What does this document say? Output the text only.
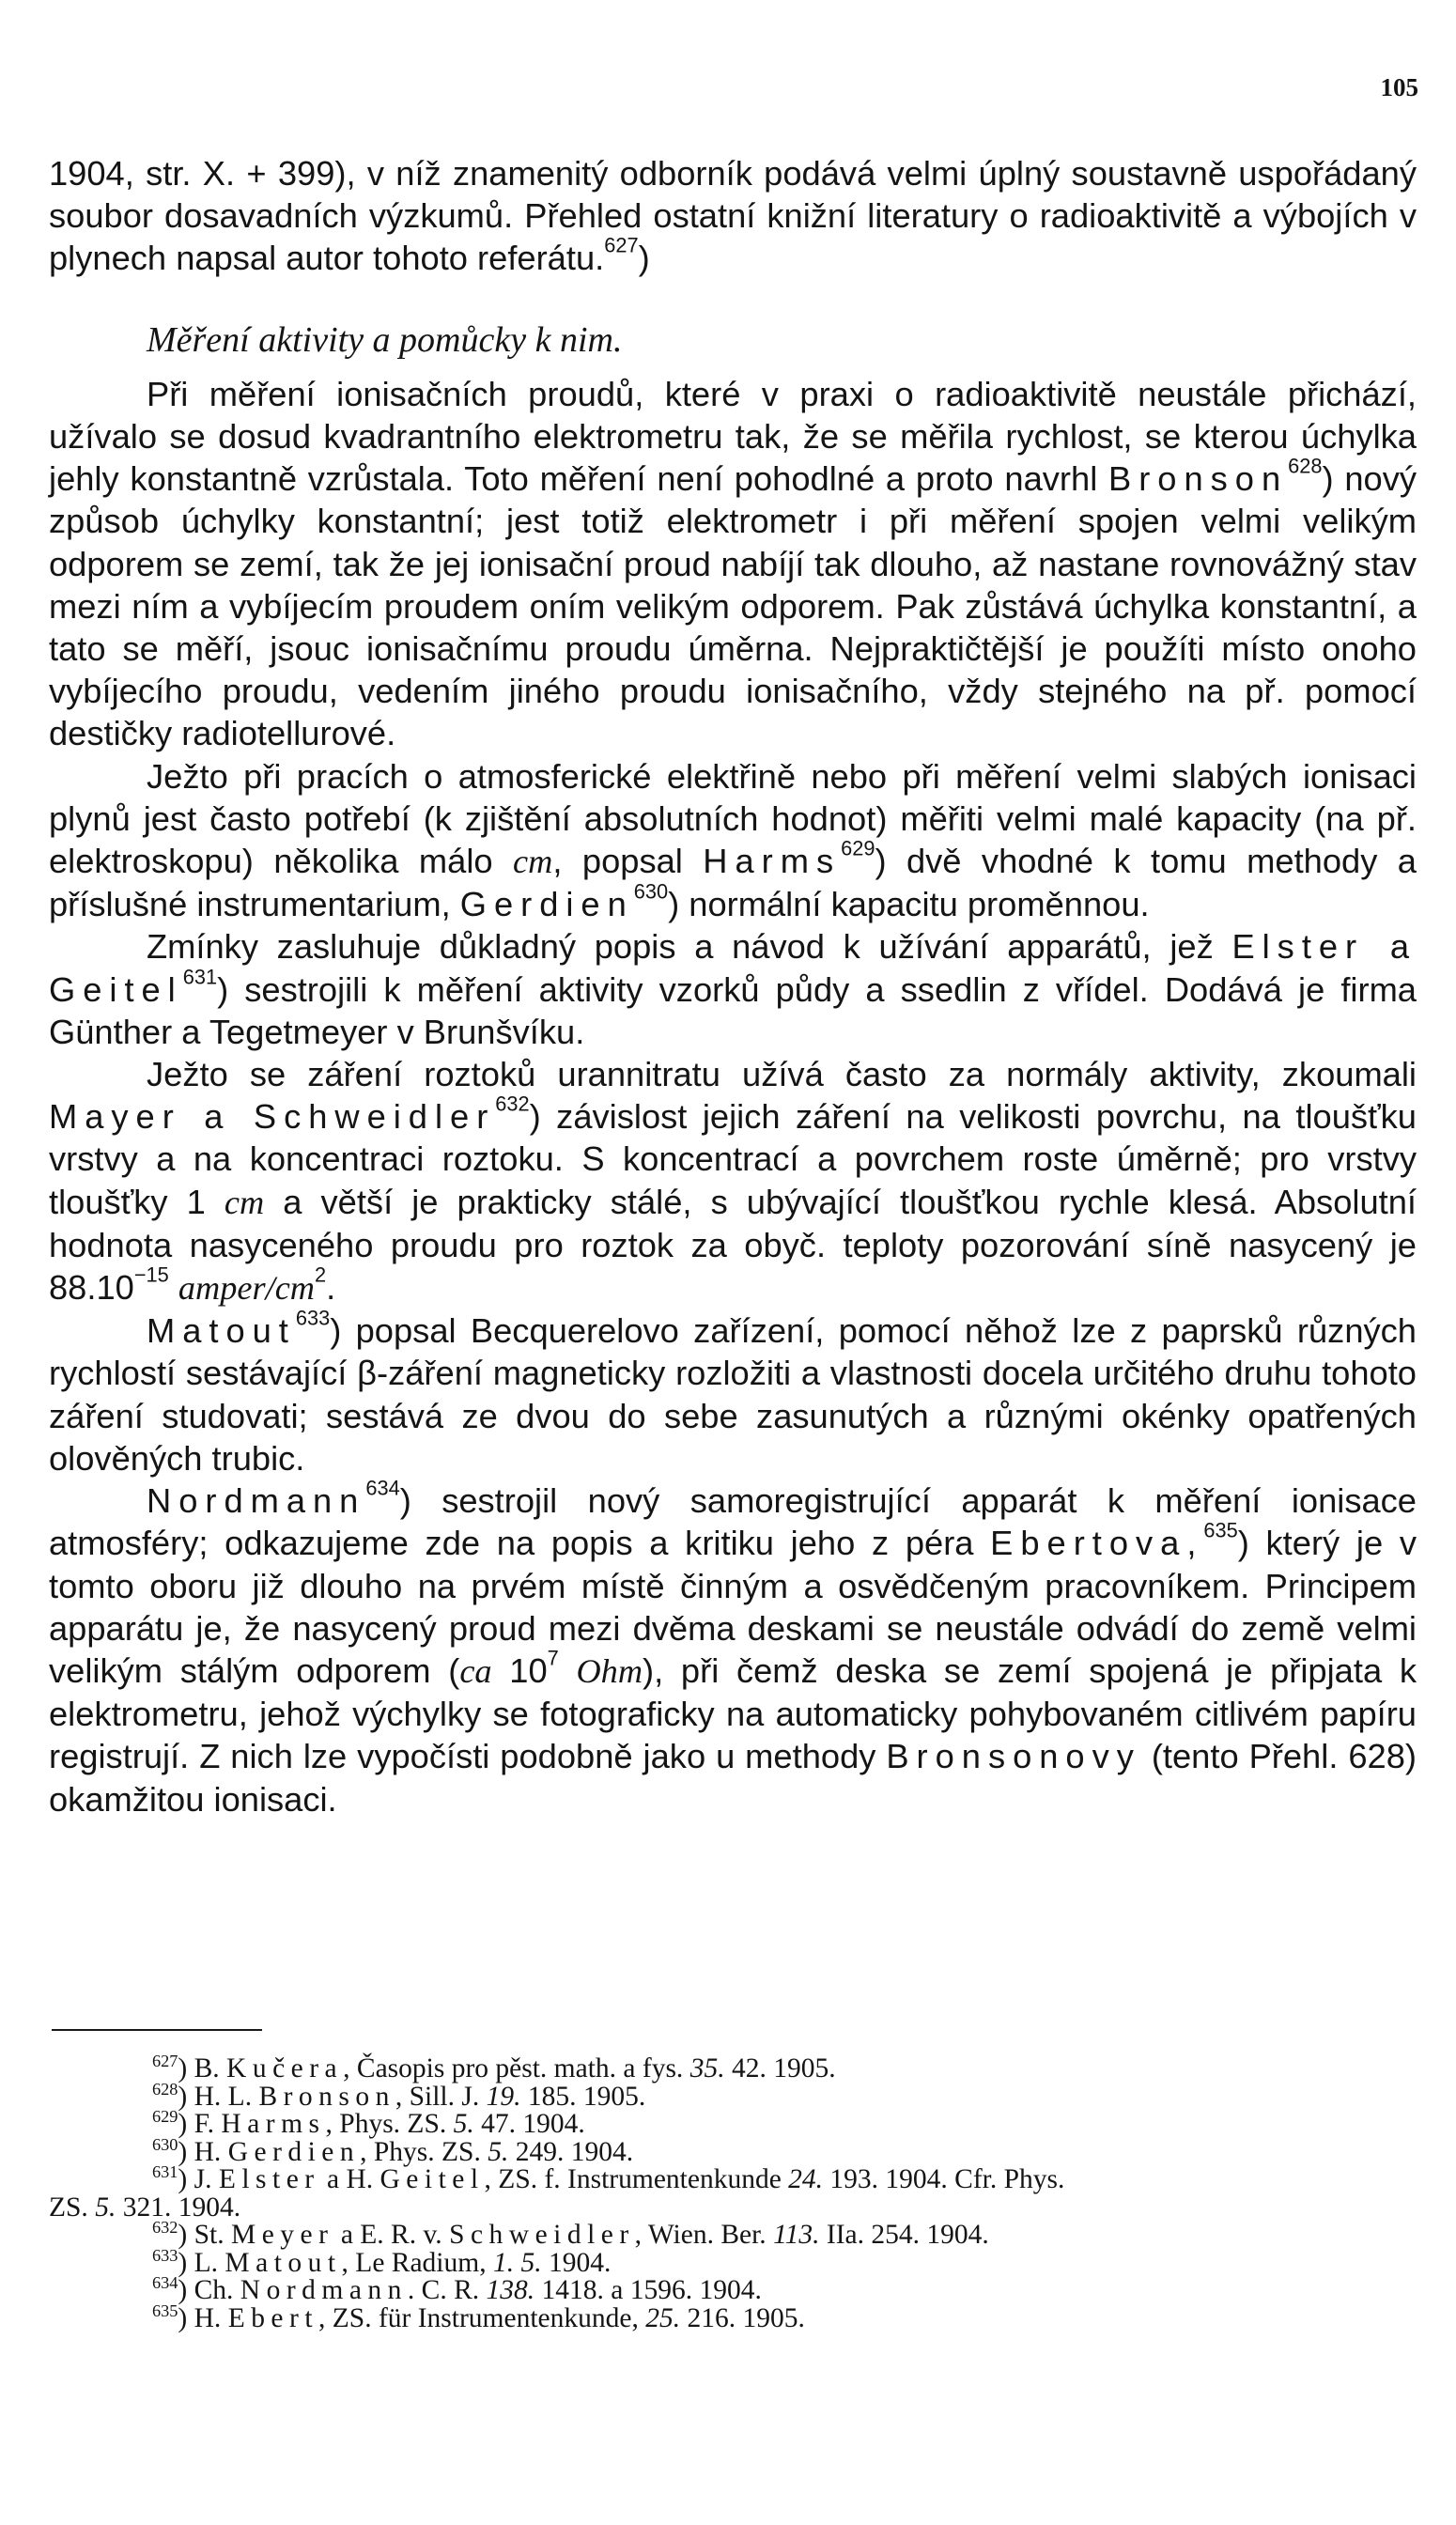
105

1904, str. X. + 399), v níž znamenitý odborník podává velmi úplný soustavně uspořádaný soubor dosavadních výzkumů. Přehled ostatní knižní literatury o radioaktivitě a výbojích v plynech napsal autor tohoto referátu.$^{627}$)

Měření aktivity a pomůcky k nim.

Při měření ionisačních proudů, které v praxi o radioaktivitě neustále přichází, užívalo se dosud kvadrantního elektrometru tak, že se měřila rychlost, se kterou úchylka jehly konstantně vzrůstala. Toto měření není pohodlné a proto navrhl Bronson$^{628}$) nový způsob úchylky konstantní; jest totiž elektrometr i při měření spojen velmi velikým odporem se zemí, tak že jej ionisační proud nabíjí tak dlouho, až nastane rovnovážný stav mezi ním a vybíjecím proudem oním velikým odporem. Pak zůstává úchylka konstantní, a tato se měří, jsouc ionisačnímu proudu úměrna. Nejpraktičtější je použíti místo onoho vybíjecího proudu, vedením jiného proudu ionisačního, vždy stejného na př. pomocí destičky radiotellurové.

Ježto při pracích o atmosferické elektřině nebo při měření velmi slabých ionisaci plynů jest často potřebí (k zjištění absolutních hodnot) měřiti velmi malé kapacity (na př. elektroskopu) několika málo cm, popsal Harms$^{629}$) dvě vhodné k tomu methody a příslušné instrumentarium, Gerdien$^{630}$) normální kapacitu proměnnou.

Zmínky zasluhuje důkladný popis a návod k užívání apparátů, jež Elster a Geitel$^{631}$) sestrojili k měření aktivity vzorků půdy a ssedlin z vřídel. Dodává je firma Günther a Tegetmeyer v Brunšvíku.

Ježto se záření roztoků urannitratu užívá často za normály aktivity, zkoumali Mayer a Schweidler$^{632}$) závislost jejich záření na velikosti povrchu, na tloušťku vrstvy a na koncentraci roztoku. S koncentrací a povrchem roste úměrně; pro vrstvy tloušťky 1 cm a větší je prakticky stálé, s ubývající tloušťkou rychle klesá. Absolutní hodnota nasyceného proudu pro roztok za obyč. teploty pozorování síně nasycený je $88.10^{-15}$ amper/$cm^2$.

Matout$^{633}$) popsal Becquerelovo zařízení, pomocí něhož lze z paprsků různých rychlostí sestávající β-záření magneticky rozložiti a vlastnosti docela určitého druhu tohoto záření studovati; sestává ze dvou do sebe zasunutých a různými okénky opatřených olověných trubic.

Nordmann$^{634}$) sestrojil nový samoregistrující apparát k měření ionisace atmosféry; odkazujeme zde na popis a kritiku jeho z péra Ebertova,$^{635}$) který je v tomto oboru již dlouho na prvém místě činným a osvědčeným pracovníkem. Principem apparátu je, že nasycený proud mezi dvěma deskami se neustále odvádí do země velmi velikým stálým odporem (ca $10^7$ Ohm), při čemž deska se zemí spojená je připjata k elektrometru, jehož výchylky se fotograficky na automaticky pohybovaném citlivém papíru registrují. Z nich lze vypočísti podobně jako u methody Bronsonovy (tento Přehl. 628) okamžitou ionisaci.

$^{627}$) B. Kučera, Časopis pro pěst. math. a fys. 35. 42. 1905.

$^{628}$) H. L. Bronson, Sill. J. 19. 185. 1905.

$^{629}$) F. Harms, Phys. ZS. 5. 47. 1904.

$^{630}$) H. Gerdien, Phys. ZS. 5. 249. 1904.

$^{631}$) J. Elster a H. Geitel, ZS. f. Instrumentenkunde 24. 193. 1904. Cfr. Phys.

ZS. 5. 321. 1904.

$^{632}$) St. Meyer a E. R. v. Schweidler, Wien. Ber. 113. IIa. 254. 1904.

$^{633}$) L. Matout, Le Radium, 1. 5. 1904.

$^{634}$) Ch. Nordmann. C. R. 138. 1418. a 1596. 1904.

$^{635}$) H. Ebert, ZS. für Instrumentenkunde, 25. 216. 1905.
